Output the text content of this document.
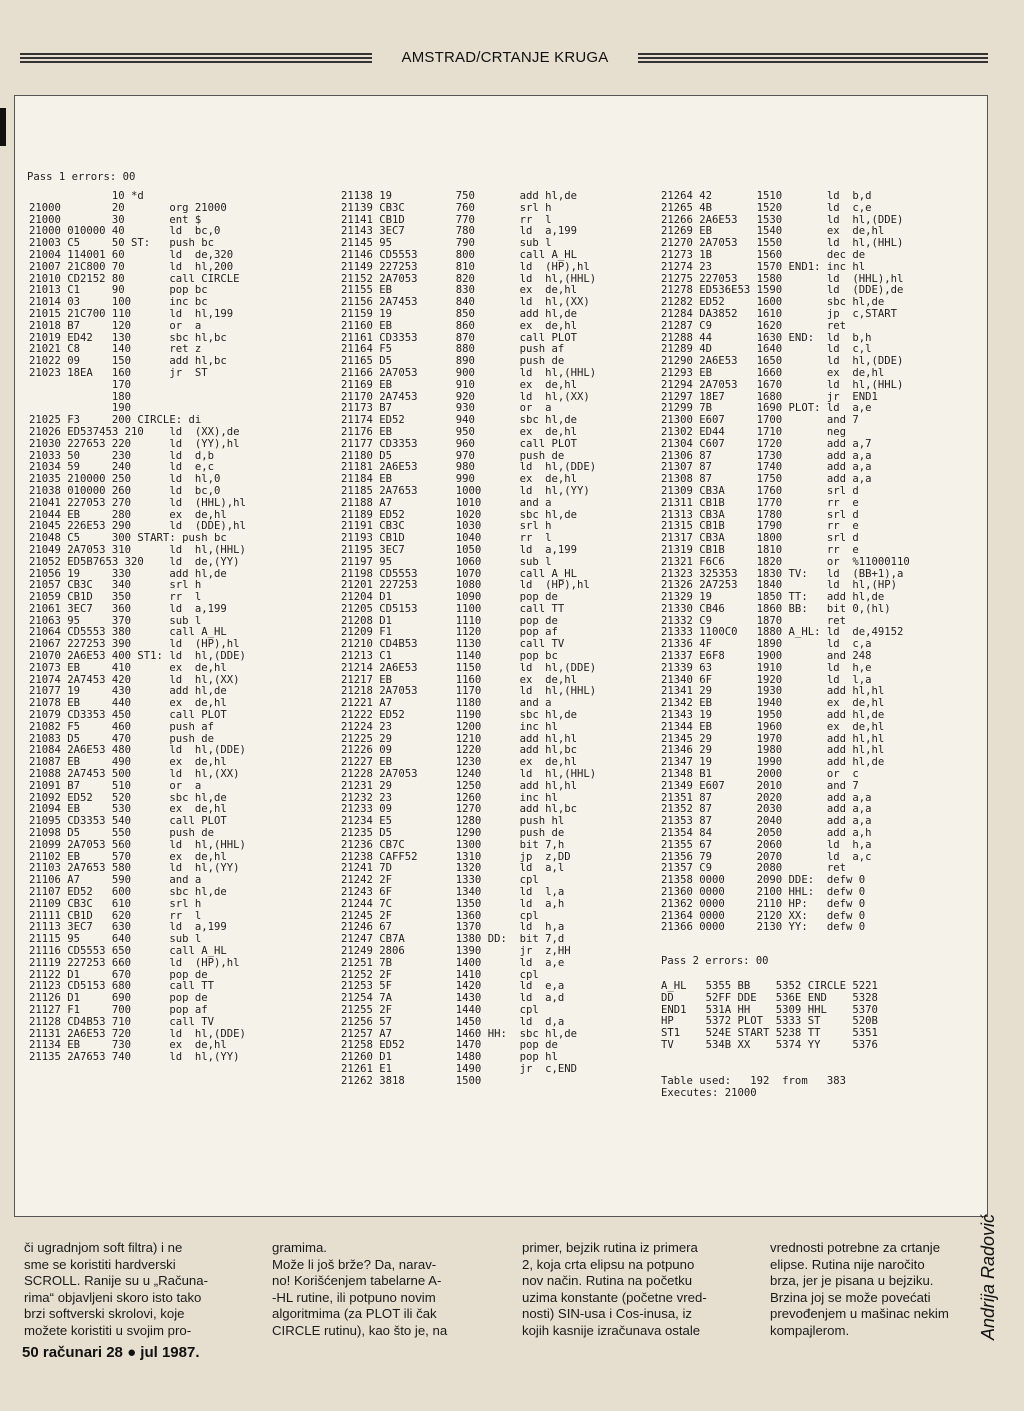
AMSTRAD/CRTANJE KRUGA
Pass 1 errors: 00
10 *d
21000        20       org 21000
21000        30       ent $
21000 010000 40       ld  bc,0
21003 C5     50 ST:   push bc
21004 114001 60       ld  de,320
21007 21C800 70       ld  hl,200
21010 CD2152 80       call CIRCLE
21013 C1     90       pop bc
21014 03     100      inc bc
21015 21C700 110      ld  hl,199
21018 B7     120      or  a
21019 ED42   130      sbc hl,bc
21021 C8     140      ret z
21022 09     150      add hl,bc
21023 18EA   160      jr  ST
170
180
190
21025 F3     200 CIRCLE: di
21026 ED537453 210    ld  (XX),de
21030 227653 220      ld  (YY),hl
21033 50     230      ld  d,b
21034 59     240      ld  e,c
21035 210000 250      ld  hl,0
21038 010000 260      ld  bc,0
21041 227053 270      ld  (HHL),hl
21044 EB     280      ex  de,hl
21045 226E53 290      ld  (DDE),hl
21048 C5     300 START: push bc
21049 2A7053 310      ld  hl,(HHL)
21052 ED5B7653 320    ld  de,(YY)
21056 19     330      add hl,de
21057 CB3C   340      srl h
21059 CB1D   350      rr  l
21061 3EC7   360      ld  a,199
21063 95     370      sub l
21064 CD5553 380      call A_HL
21067 227253 390      ld  (HP),hl
21070 2A6E53 400 ST1: ld  hl,(DDE)
21073 EB     410      ex  de,hl
21074 2A7453 420      ld  hl,(XX)
21077 19     430      add hl,de
21078 EB     440      ex  de,hl
21079 CD3353 450      call PLOT
21082 F5     460      push af
21083 D5     470      push de
21084 2A6E53 480      ld  hl,(DDE)
21087 EB     490      ex  de,hl
21088 2A7453 500      ld  hl,(XX)
21091 B7     510      or  a
21092 ED52   520      sbc hl,de
21094 EB     530      ex  de,hl
21095 CD3353 540      call PLOT
21098 D5     550      push de
21099 2A7053 560      ld  hl,(HHL)
21102 EB     570      ex  de,hl
21103 2A7653 580      ld  hl,(YY)
21106 A7     590      and a
21107 ED52   600      sbc hl,de
21109 CB3C   610      srl h
21111 CB1D   620      rr  l
21113 3EC7   630      ld  a,199
21115 95     640      sub l
21116 CD5553 650      call A_HL
21119 227253 660      ld  (HP),hl
21122 D1     670      pop de
21123 CD5153 680      call TT
21126 D1     690      pop de
21127 F1     700      pop af
21128 CD4B53 710      call TV
21131 2A6E53 720      ld  hl,(DDE)
21134 EB     730      ex  de,hl
21135 2A7653 740      ld  hl,(YY)
21138 19          750       add hl,de
21139 CB3C        760       srl h
21141 CB1D        770       rr  l
21143 3EC7        780       ld  a,199
21145 95          790       sub l
21146 CD5553      800       call A_HL
21149 227253      810       ld  (HP),hl
21152 2A7053      820       ld  hl,(HHL)
21155 EB          830       ex  de,hl
21156 2A7453      840       ld  hl,(XX)
21159 19          850       add hl,de
21160 EB          860       ex  de,hl
21161 CD3353      870       call PLOT
21164 F5          880       push af
21165 D5          890       push de
21166 2A7053      900       ld  hl,(HHL)
21169 EB          910       ex  de,hl
21170 2A7453      920       ld  hl,(XX)
21173 B7          930       or  a
21174 ED52        940       sbc hl,de
21176 EB          950       ex  de,hl
21177 CD3353      960       call PLOT
21180 D5          970       push de
21181 2A6E53      980       ld  hl,(DDE)
21184 EB          990       ex  de,hl
21185 2A7653      1000      ld  hl,(YY)
21188 A7          1010      and a
21189 ED52        1020      sbc hl,de
21191 CB3C        1030      srl h
21193 CB1D        1040      rr  l
21195 3EC7        1050      ld  a,199
21197 95          1060      sub l
21198 CD5553      1070      call A_HL
21201 227253      1080      ld  (HP),hl
21204 D1          1090      pop de
21205 CD5153      1100      call TT
21208 D1          1110      pop de
21209 F1          1120      pop af
21210 CD4B53      1130      call TV
21213 C1          1140      pop bc
21214 2A6E53      1150      ld  hl,(DDE)
21217 EB          1160      ex  de,hl
21218 2A7053      1170      ld  hl,(HHL)
21221 A7          1180      and a
21222 ED52        1190      sbc hl,de
21224 23          1200      inc hl
21225 29          1210      add hl,hl
21226 09          1220      add hl,bc
21227 EB          1230      ex  de,hl
21228 2A7053      1240      ld  hl,(HHL)
21231 29          1250      add hl,hl
21232 23          1260      inc hl
21233 09          1270      add hl,bc
21234 E5          1280      push hl
21235 D5          1290      push de
21236 CB7C        1300      bit 7,h
21238 CAFF52      1310      jp  z,DD
21241 7D          1320      ld  a,l
21242 2F          1330      cpl
21243 6F          1340      ld  l,a
21244 7C          1350      ld  a,h
21245 2F          1360      cpl
21246 67          1370      ld  h,a
21247 CB7A        1380 DD:  bit 7,d
21249 2806        1390      jr  z,HH
21251 7B          1400      ld  a,e
21252 2F          1410      cpl
21253 5F          1420      ld  e,a
21254 7A          1430      ld  a,d
21255 2F          1440      cpl
21256 57          1450      ld  d,a
21257 A7          1460 HH:  sbc hl,de
21258 ED52        1470      pop de
21260 D1          1480      pop hl
21261 E1          1490      jr  c,END
21262 3818        1500
21264 42       1510       ld  b,d
21265 4B       1520       ld  c,e
21266 2A6E53   1530       ld  hl,(DDE)
21269 EB       1540       ex  de,hl
21270 2A7053   1550       ld  hl,(HHL)
21273 1B       1560       dec de
21274 23       1570 END1: inc hl
21275 227053   1580       ld  (HHL),hl
21278 ED536E53 1590       ld  (DDE),de
21282 ED52     1600       sbc hl,de
21284 DA3852   1610       jp  c,START
21287 C9       1620       ret
21288 44       1630 END:  ld  b,h
21289 4D       1640       ld  c,l
21290 2A6E53   1650       ld  hl,(DDE)
21293 EB       1660       ex  de,hl
21294 2A7053   1670       ld  hl,(HHL)
21297 18E7     1680       jr  END1
21299 7B       1690 PLOT: ld  a,e
21300 E607     1700       and 7
21302 ED44     1710       neg
21304 C607     1720       add a,7
21306 87       1730       add a,a
21307 87       1740       add a,a
21308 87       1750       add a,a
21309 CB3A     1760       srl d
21311 CB1B     1770       rr  e
21313 CB3A     1780       srl d
21315 CB1B     1790       rr  e
21317 CB3A     1800       srl d
21319 CB1B     1810       rr  e
21321 F6C6     1820       or  %11000110
21323 325353   1830 TV:   ld  (BB+1),a
21326 2A7253   1840       ld  hl,(HP)
21329 19       1850 TT:   add hl,de
21330 CB46     1860 BB:   bit 0,(hl)
21332 C9       1870       ret
21333 1100C0   1880 A_HL: ld  de,49152
21336 4F       1890       ld  c,a
21337 E6F8     1900       and 248
21339 63       1910       ld  h,e
21340 6F       1920       ld  l,a
21341 29       1930       add hl,hl
21342 EB       1940       ex  de,hl
21343 19       1950       add hl,de
21344 EB       1960       ex  de,hl
21345 29       1970       add hl,hl
21346 29       1980       add hl,hl
21347 19       1990       add hl,de
21348 B1       2000       or  c
21349 E607     2010       and 7
21351 87       2020       add a,a
21352 87       2030       add a,a
21353 87       2040       add a,a
21354 84       2050       add a,h
21355 67       2060       ld  h,a
21356 79       2070       ld  a,c
21357 C9       2080       ret
21358 0000     2090 DDE:  defw 0
21360 0000     2100 HHL:  defw 0
21362 0000     2110 HP:   defw 0
21364 0000     2120 XX:   defw 0
21366 0000     2130 YY:   defw 0
Pass 2 errors: 00
A_HL   5355 BB    5352 CIRCLE 5221
DD     52FF DDE   536E END    5328
END1   531A HH    5309 HHL    5370
HP     5372 PLOT  5333 ST     520B
ST1    524E START 5238 TT     5351
TV     534B XX    5374 YY     5376
Table used:   192  from   383
Executes: 21000
či ugradnjom soft filtra) i ne
sme se koristiti hardverski
SCROLL. Ranije su u „Računa-
rima“ objavljeni skoro isto tako
brzi softverski skrolovi, koje
možete koristiti u svojim pro-
gramima.
Može li još brže? Da, narav-
no! Korišćenjem tabelarne A-
-HL rutine, ili potpuno novim
algoritmima (za PLOT ili čak
CIRCLE rutinu), kao što je, na
primer, bejzik rutina iz primera
2, koja crta elipsu na potpuno
nov način. Rutina na početku
uzima konstante (početne vred-
nosti) SIN-usa i Cos-inusa, iz
kojih kasnije izračunava ostale
vrednosti potrebne za crtanje
elipse. Rutina nije naročito
brza, jer je pisana u bejziku.
Brzina joj se može povećati
prevođenjem u mašinac nekim
kompajlerom.
50 računari 28 ● jul 1987.
Andrija Radović
